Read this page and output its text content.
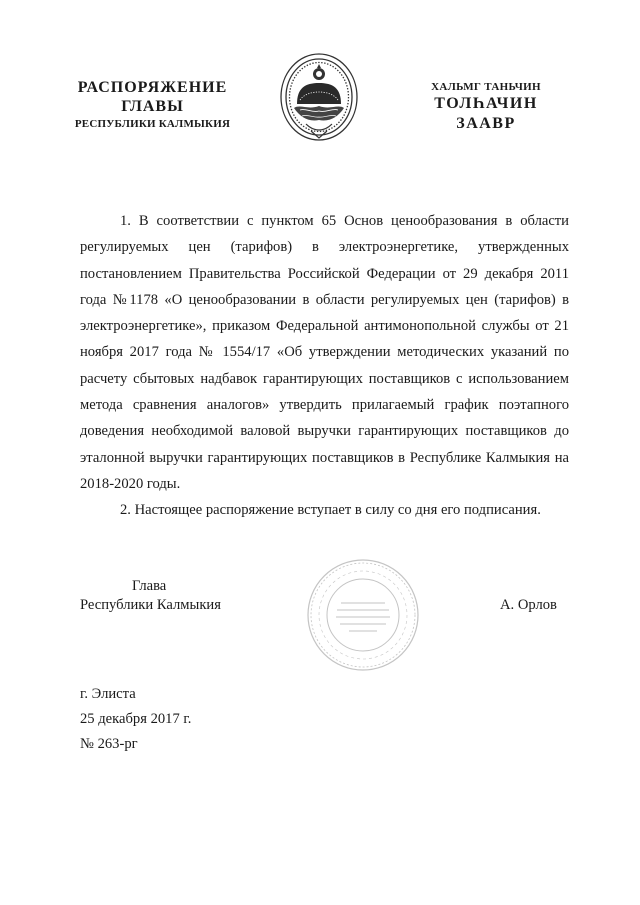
РАСПОРЯЖЕНИЕ
ГЛАВЫ
РЕСПУБЛИКИ КАЛМЫКИЯ
ХАЛЬМГ ТАНЬЧИН
ТОЛҺАЧИН
ЗААВР

1. В соответствии с пунктом 65 Основ ценообразования в области регулируемых цен (тарифов) в электроэнергетике, утвержденных постановлением Правительства Российской Федерации от 29 декабря 2011 года №1178 «О ценообразовании в области регулируемых цен (тарифов) в электроэнергетике», приказом Федеральной антимонопольной службы от 21 ноября 2017 года № 1554/17 «Об утверждении методических указаний по расчету сбытовых надбавок гарантирующих поставщиков с использованием метода сравнения аналогов» утвердить прилагаемый график поэтапного доведения необходимой валовой выручки гарантирующих поставщиков до эталонной выручки гарантирующих поставщиков в Республике Калмыкия на 2018-2020 годы.

2. Настоящее распоряжение вступает в силу со дня его подписания.

Глава
Республики Калмыкия	А. Орлов
г. Элиста
25 декабря 2017 г.
№ 263-рг
